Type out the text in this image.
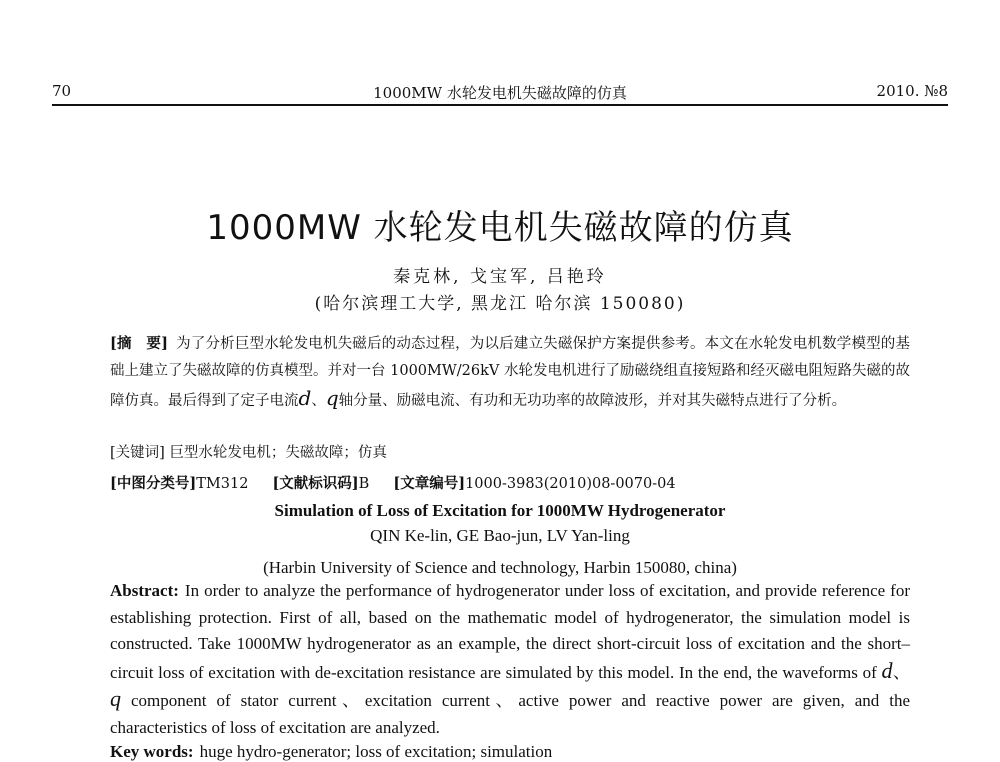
70	1000MW 水轮发电机失磁故障的仿真	2010. №8
1000MW 水轮发电机失磁故障的仿真
秦克林, 戈宝军, 吕艳玲
(哈尔滨理工大学, 黑龙江 哈尔滨 150080)
[摘　要] 为了分析巨型水轮发电机失磁后的动态过程，为以后建立失磁保护方案提供参考。本文在水轮发电机数学模型的基础上建立了失磁故障的仿真模型。并对一台 1000MW/26kV 水轮发电机进行了励磁绕组直接短路和经灭磁电阻短路失磁的故障仿真。最后得到了定子电流d、q轴分量、励磁电流、有功和无功功率的故障波形，并对其失磁特点进行了分析。
[关键词] 巨型水轮发电机；失磁故障；仿真
[中图分类号]TM312 [文献标识码]B [文章编号]1000-3983(2010)08-0070-04
Simulation of Loss of Excitation for 1000MW Hydrogenerator
QIN Ke-lin, GE Bao-jun, LV Yan-ling
(Harbin University of Science and technology, Harbin 150080, china)
Abstract: In order to analyze the performance of hydrogenerator under loss of excitation, and provide reference for establishing protection. First of all, based on the mathematic model of hydrogenerator, the simulation model is constructed. Take 1000MW hydrogenerator as an example, the direct short-circuit loss of excitation and the short–circuit loss of excitation with de-excitation resistance are simulated by this model. In the end, the waveforms of d、q component of stator current、excitation current、active power and reactive power are given, and the characteristics of loss of excitation are analyzed.
Key words: huge hydro-generator; loss of excitation; simulation
